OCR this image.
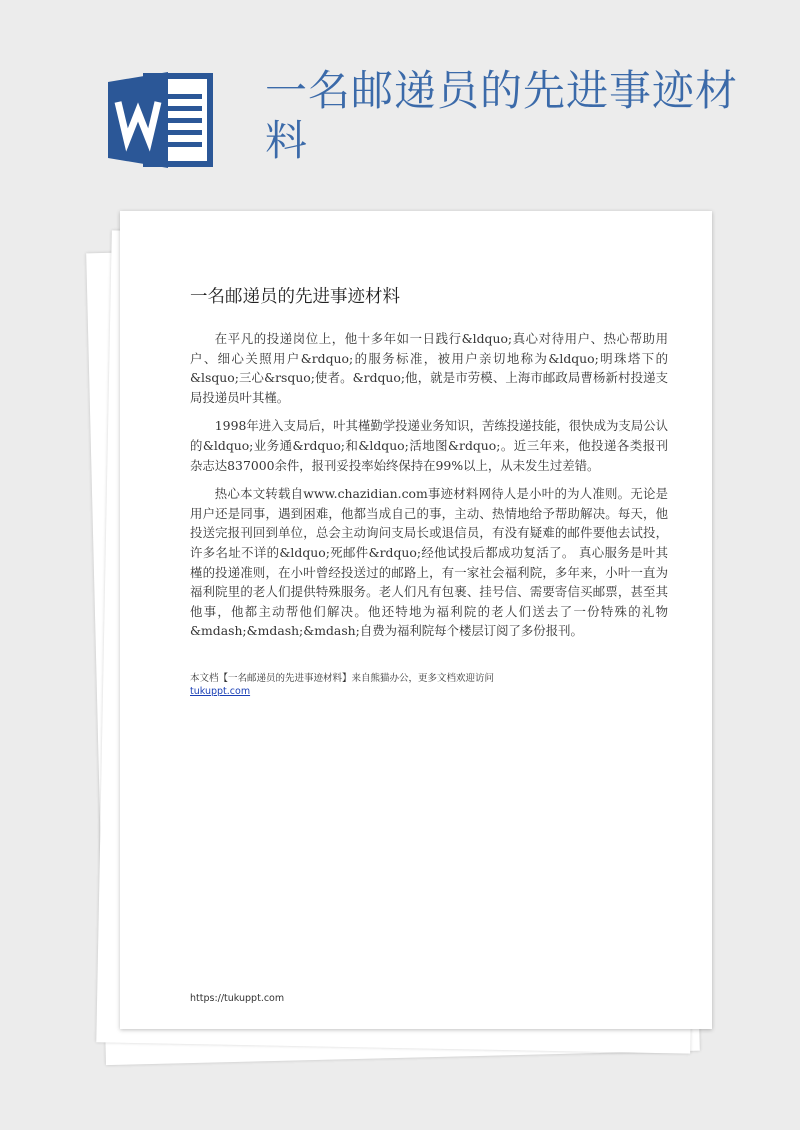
一名邮递员的先进事迹材料
一名邮递员的先进事迹材料

在平凡的投递岗位上，他十多年如一日践行&ldquo;真心对待用户、热心帮助用户、细心关照用户&rdquo;的服务标准，被用户亲切地称为&ldquo;明珠塔下的&lsquo;三心&rsquo;使者。&rdquo;他，就是市劳模、上海市邮政局曹杨新村投递支局投递员叶其槿。

1998年进入支局后，叶其槿勤学投递业务知识，苦练投递技能，很快成为支局公认的&ldquo;业务通&rdquo;和&ldquo;活地图&rdquo;。近三年来，他投递各类报刊杂志达837000余件，报刊妥投率始终保持在99%以上，从未发生过差错。

热心本文转载自www.chazidian.com事迹材料网待人是小叶的为人准则。无论是用户还是同事，遇到困难，他都当成自己的事，主动、热情地给予帮助解决。每天，他投送完报刊回到单位，总会主动询问支局长或退信员，有没有疑难的邮件要他去试投，许多名址不详的&ldquo;死邮件&rdquo;经他试投后都成功复活了。 真心服务是叶其槿的投递准则，在小叶曾经投送过的邮路上，有一家社会福利院，多年来，小叶一直为福利院里的老人们提供特殊服务。老人们凡有包裹、挂号信、需要寄信买邮票，甚至其他事，他都主动帮他们解决。他还特地为福利院的老人们送去了一份特殊的礼物&mdash;&mdash;&mdash;自费为福利院每个楼层订阅了多份报刊。

本文档【一名邮递员的先进事迹材料】来自熊猫办公，更多文档欢迎访问
tukuppt.com
https://tukuppt.com
